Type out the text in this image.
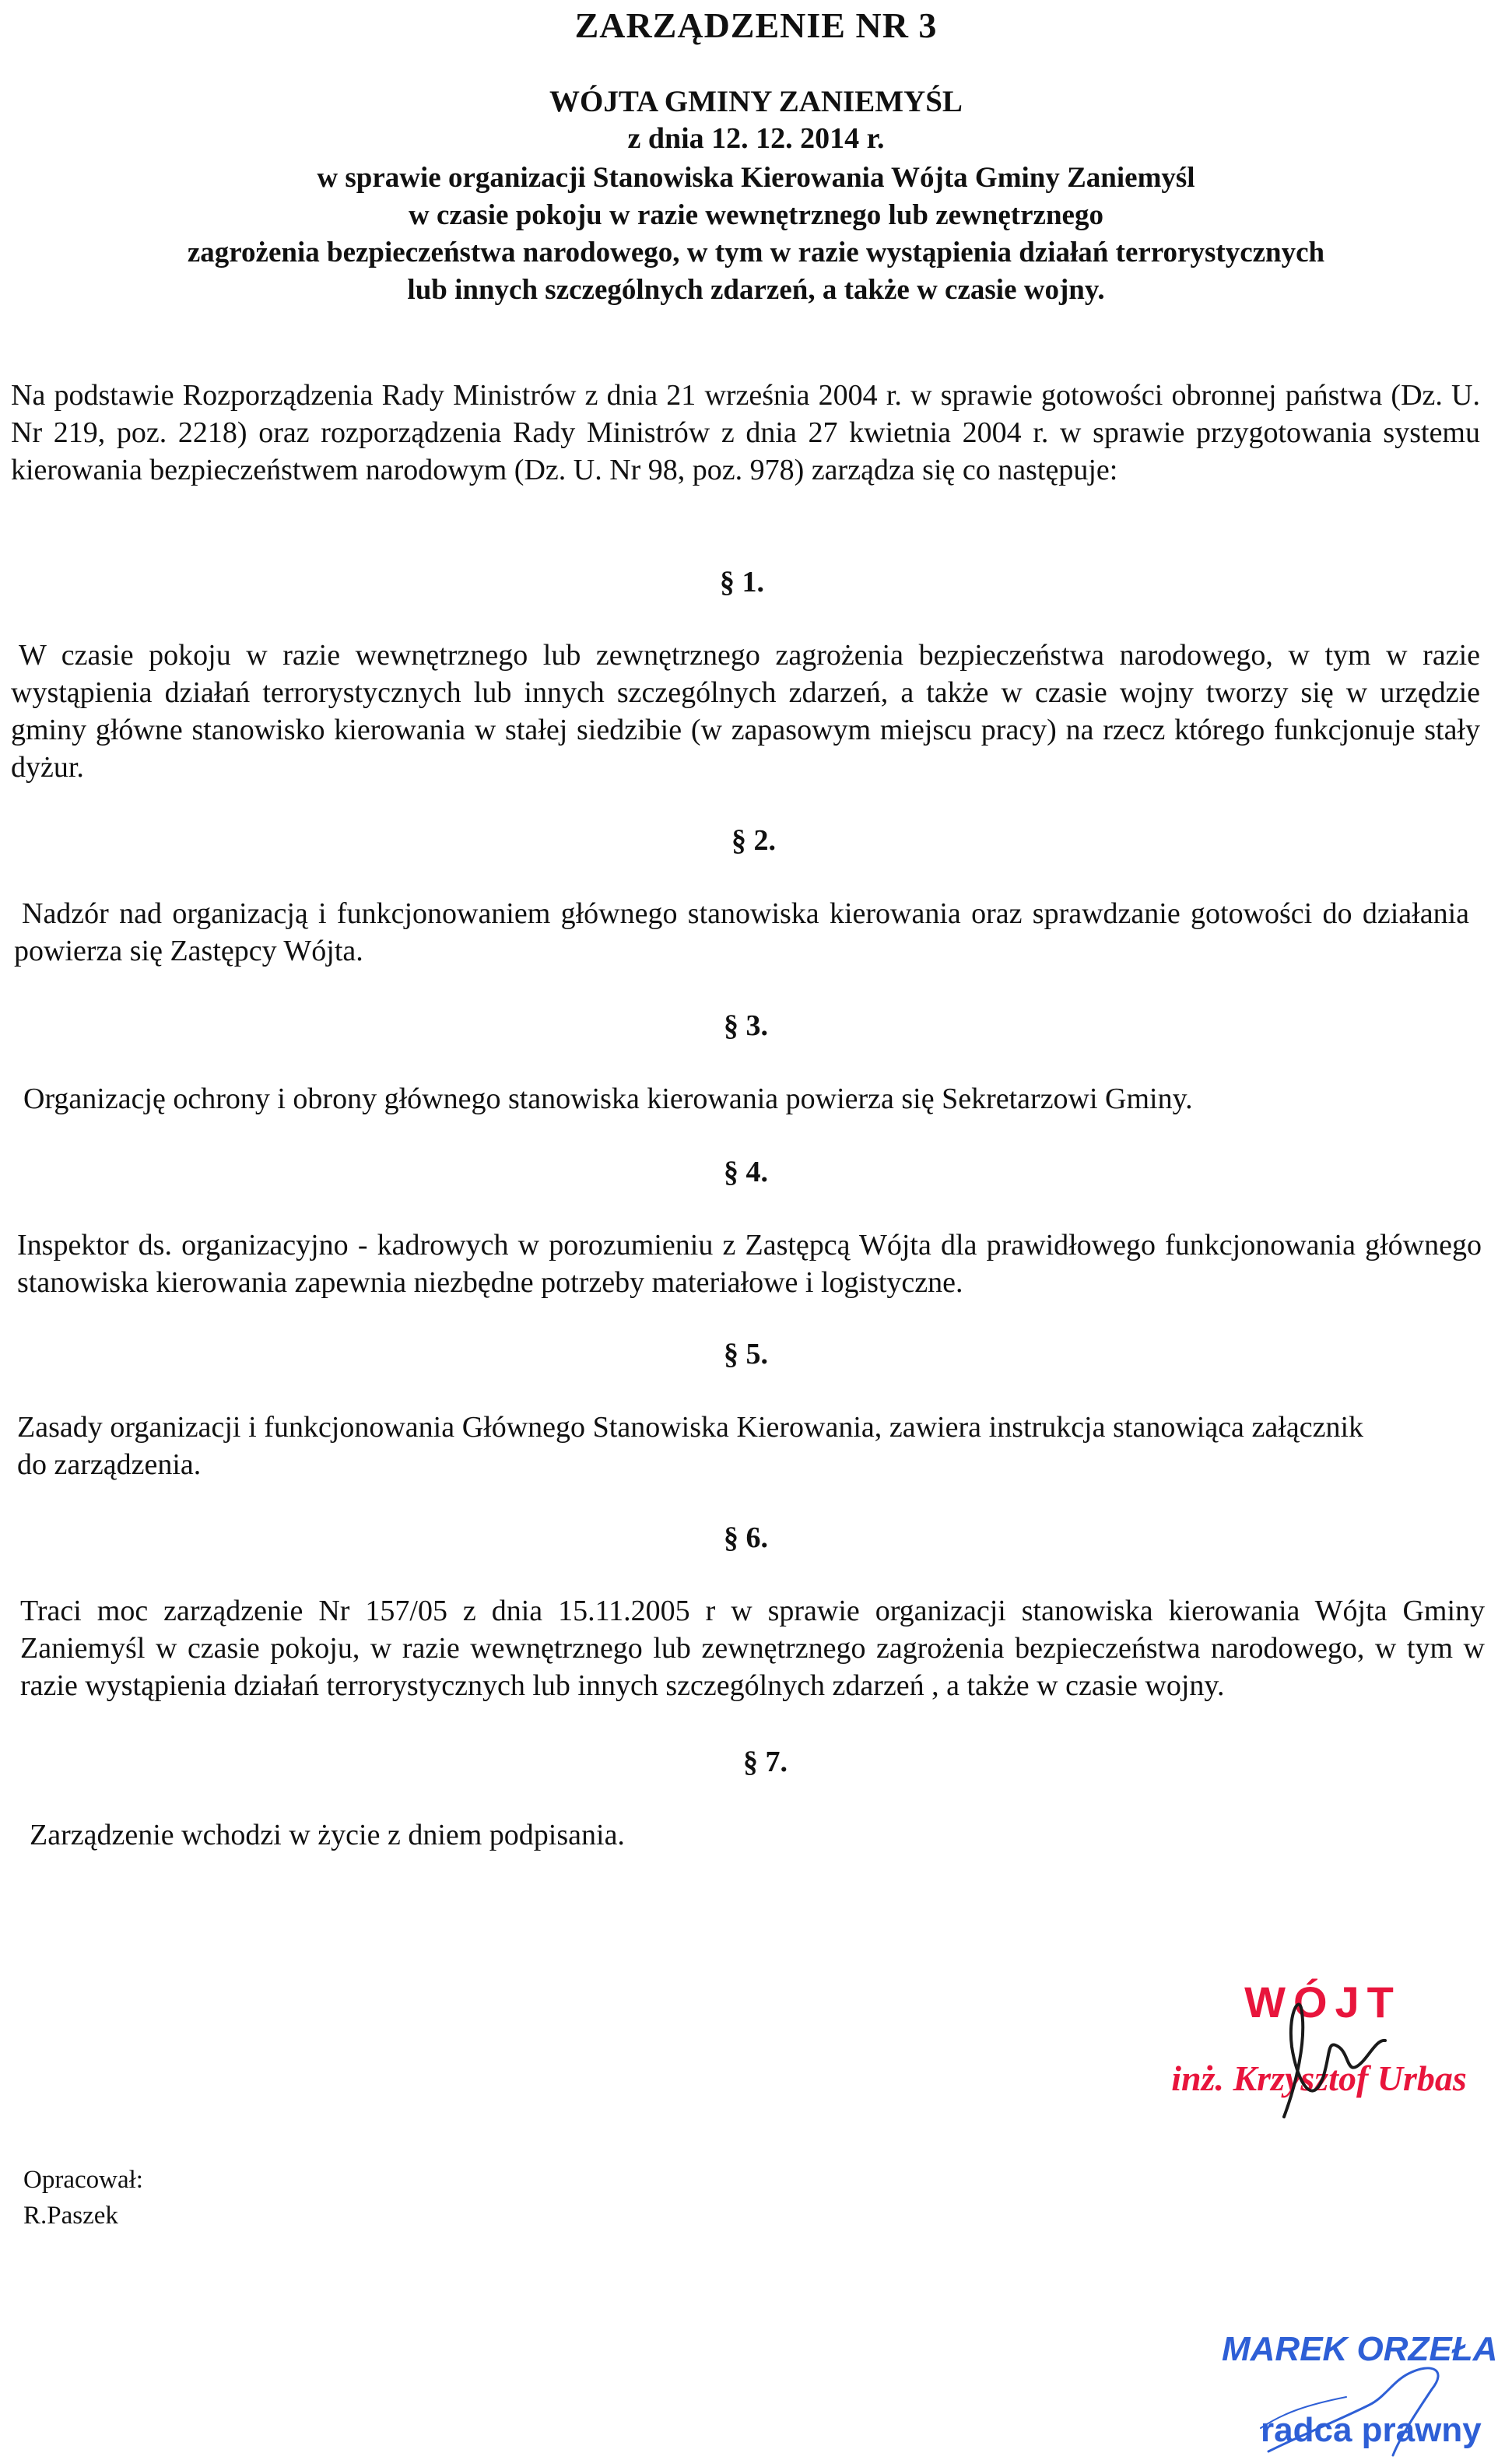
ZARZĄDZENIE NR 3

WÓJTA GMINY ZANIEMYŚL

z dnia 12. 12. 2014 r.

w sprawie organizacji Stanowiska Kierowania Wójta Gminy Zaniemyśl
w czasie pokoju w razie wewnętrznego lub zewnętrznego
zagrożenia bezpieczeństwa narodowego, w tym w razie wystąpienia działań terrorystycznych
lub innych szczególnych zdarzeń, a także w czasie wojny.

Na podstawie Rozporządzenia Rady Ministrów z dnia 21 września 2004 r. w sprawie gotowości obronnej państwa (Dz. U. Nr 219, poz. 2218) oraz rozporządzenia Rady Ministrów z dnia 27 kwietnia 2004 r. w sprawie przygotowania systemu kierowania bezpieczeństwem narodowym (Dz. U. Nr 98, poz. 978) zarządza się co następuje:

§ 1.

W czasie pokoju w razie wewnętrznego lub zewnętrznego zagrożenia bezpieczeństwa narodowego, w tym w razie wystąpienia działań terrorystycznych lub innych szczególnych zdarzeń, a także w czasie wojny tworzy się w urzędzie gminy główne stanowisko kierowania w stałej siedzibie (w zapasowym miejscu pracy) na rzecz którego funkcjonuje stały dyżur.

§ 2.

Nadzór nad organizacją i funkcjonowaniem głównego stanowiska kierowania oraz sprawdzanie gotowości do działania powierza się Zastępcy Wójta.

§ 3.

Organizację ochrony i obrony głównego stanowiska kierowania powierza się Sekretarzowi Gminy.

§ 4.

Inspektor ds. organizacyjno - kadrowych w porozumieniu z Zastępcą Wójta dla prawidłowego funkcjonowania głównego stanowiska kierowania zapewnia niezbędne potrzeby materiałowe i logistyczne.

§ 5.

Zasady organizacji i funkcjonowania Głównego Stanowiska Kierowania, zawiera instrukcja stanowiąca załącznik do zarządzenia.

§ 6.

Traci moc zarządzenie Nr 157/05 z dnia 15.11.2005 r w sprawie organizacji stanowiska kierowania Wójta Gminy Zaniemyśl w czasie pokoju, w razie wewnętrznego lub zewnętrznego zagrożenia bezpieczeństwa narodowego, w tym w razie wystąpienia działań terrorystycznych lub innych szczególnych zdarzeń , a także w czasie wojny.

§ 7.

Zarządzenie wchodzi w życie z dniem podpisania.

WÓJT

inż. Krzysztof Urbas

Opracował:
R.Paszek

MAREK ORZEŁA

radca prawny
